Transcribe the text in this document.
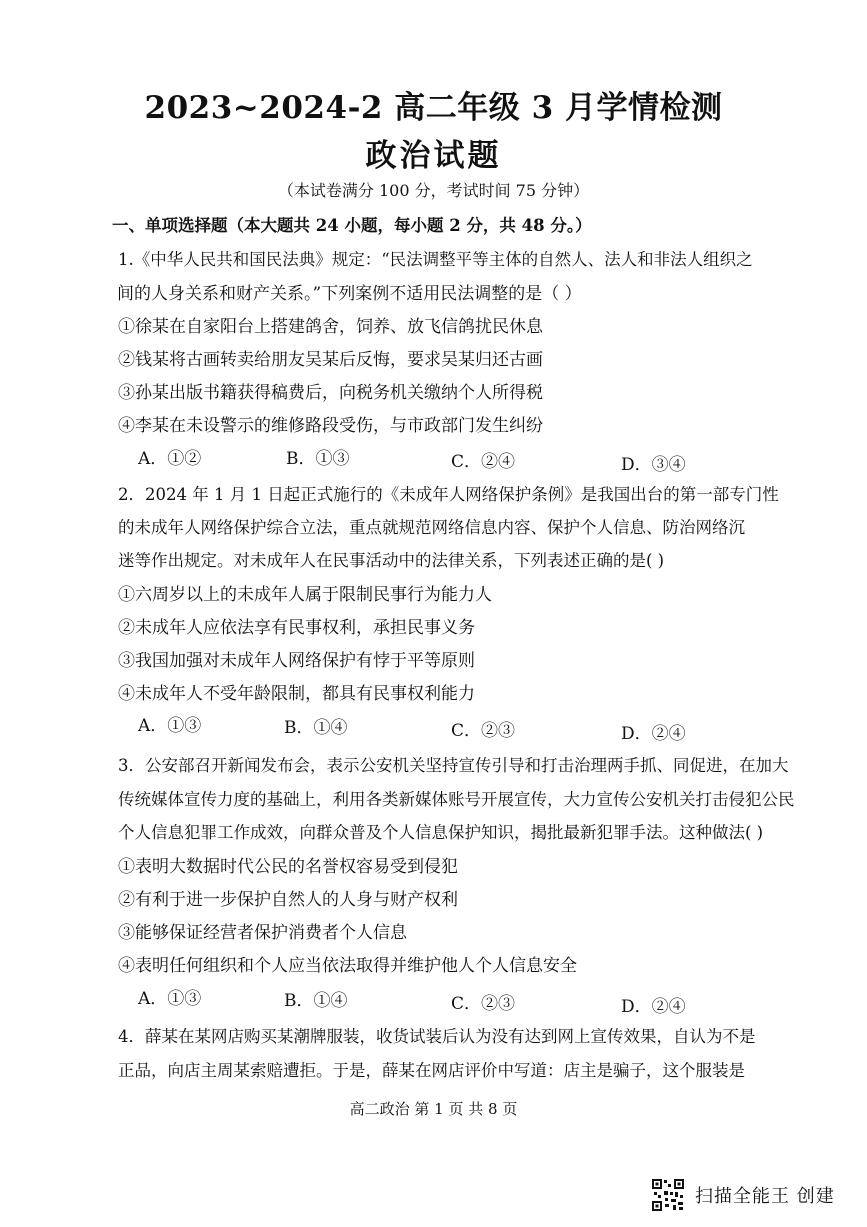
2023~2024-2 高二年级 3 月学情检测
政治试题
（本试卷满分 100 分，考试时间 75 分钟）
一、单项选择题（本大题共 24 小题，每小题 2 分，共 48 分。）
1.《中华人民共和国民法典》规定：“民法调整平等主体的自然人、法人和非法人组织之
间的人身关系和财产关系。”下列案例不适用民法调整的是（ ）
①徐某在自家阳台上搭建鸽舍，饲养、放飞信鸽扰民休息
②钱某将古画转卖给朋友吴某后反悔，要求吴某归还古画
③孙某出版书籍获得稿费后，向税务机关缴纳个人所得税
④李某在未设警示的维修路段受伤，与市政部门发生纠纷
A．①②	B．①③	C．②④	D．③④
2．2024 年 1 月 1 日起正式施行的《未成年人网络保护条例》是我国出台的第一部专门性
的未成年人网络保护综合立法，重点就规范网络信息内容、保护个人信息、防治网络沉
迷等作出规定。对未成年人在民事活动中的法律关系，下列表述正确的是( )
①六周岁以上的未成年人属于限制民事行为能力人
②未成年人应依法享有民事权利，承担民事义务
③我国加强对未成年人网络保护有悖于平等原则
④未成年人不受年龄限制，都具有民事权利能力
A．①③	B．①④	C．②③	D．②④
3．公安部召开新闻发布会，表示公安机关坚持宣传引导和打击治理两手抓、同促进，在加大
传统媒体宣传力度的基础上，利用各类新媒体账号开展宣传，大力宣传公安机关打击侵犯公民
个人信息犯罪工作成效，向群众普及个人信息保护知识，揭批最新犯罪手法。这种做法( )
①表明大数据时代公民的名誉权容易受到侵犯
②有利于进一步保护自然人的人身与财产权利
③能够保证经营者保护消费者个人信息
④表明任何组织和个人应当依法取得并维护他人个人信息安全
A．①③	B．①④	C．②③	D．②④
4．薛某在某网店购买某潮牌服装，收货试装后认为没有达到网上宣传效果，自认为不是
正品，向店主周某索赔遭拒。于是，薛某在网店评价中写道：店主是骗子，这个服装是
高二政治 第 1 页 共 8 页
扫描全能王 创建
